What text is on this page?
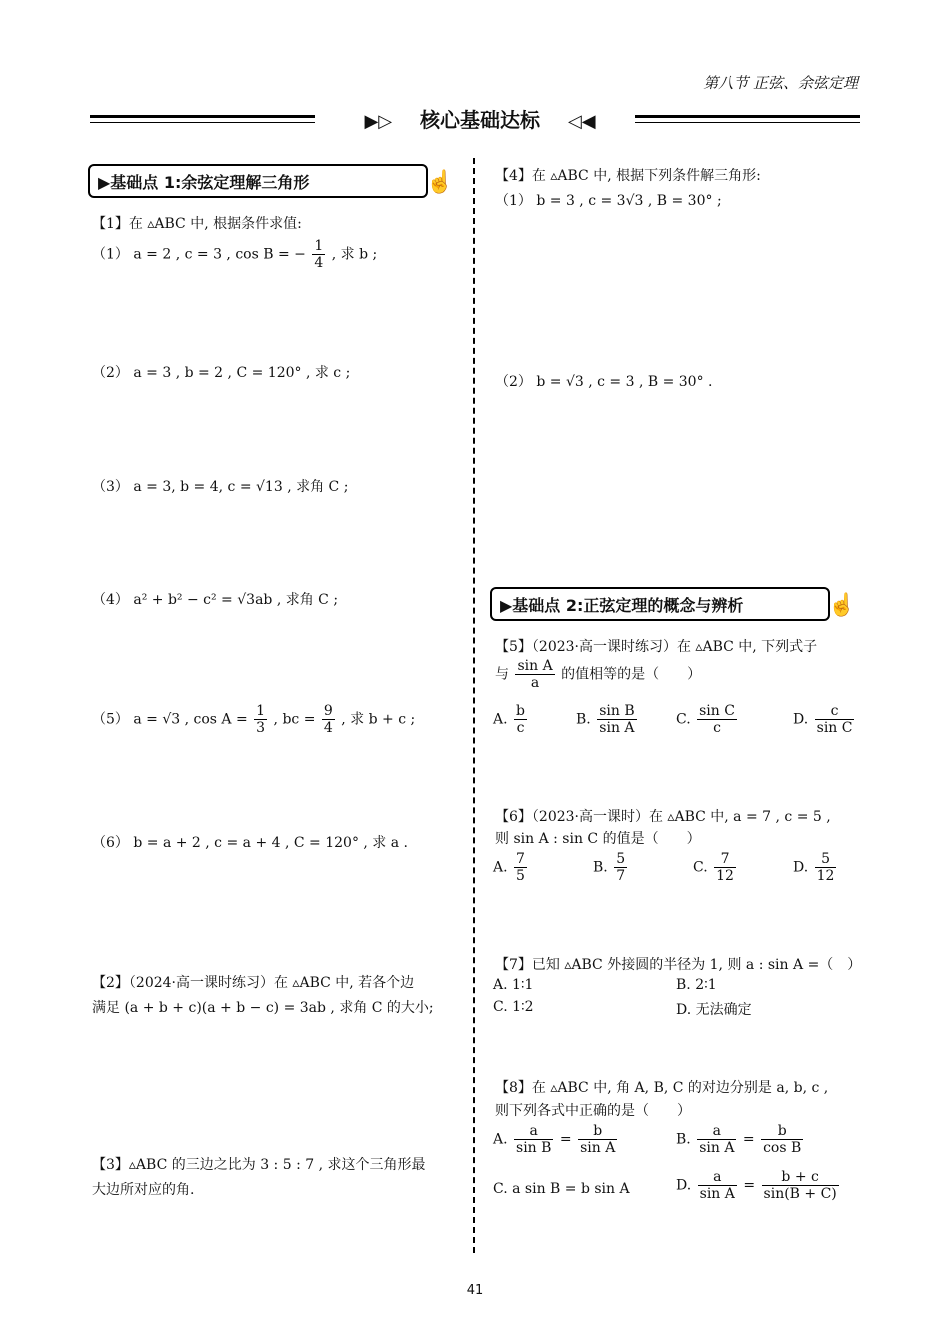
第八节 正弦、余弦定理
▶▷ 核心基础达标 ◁◀
▶基础点 1:余弦定理解三角形	☝
【1】在 ▵ABC 中, 根据条件求值:
（1） a = 2 , c = 3 , cos B = − $\frac{1}{4}$ , 求 b ;
（2） a = 3 , b = 2 , C = 120° , 求 c ;
（3） a = 3, b = 4, c = √13 , 求角 C ;
（4） a² + b² − c² = √3ab , 求角 C ;
（5） a = √3 , $\cos A = \frac{1}{3}$ , bc = $\frac{9}{4}$ , 求 b + c ;
（6） b = a + 2 , c = a + 4 , C = 120° , 求 a .
【2】（2024·高一课时练习）在 ▵ABC 中, 若各个边
满足 (a + b + c)(a + b − c) = 3ab , 求角 C 的大小;
【3】▵ABC 的三边之比为 3 : 5 : 7 , 求这个三角形最
大边所对应的角.
【4】在 ▵ABC 中, 根据下列条件解三角形:
（1） b = 3 , c = 3√3 , B = 30° ;
（2） b = √3 , c = 3 , B = 30° .
▶基础点 2:正弦定理的概念与辨析	☝
【5】（2023·高一课时练习）在 ▵ABC 中, 下列式子
与 $\frac{\text{sin A}}{a}$ 的值相等的是（　　）
A. $\frac{b}{c}$	B. $\frac{\text{sin B}}{\text{sin A}}$	C. $\frac{\text{sin C}}{c}$	D. $\frac{c}{\text{sin C}}$
【6】（2023·高一课时）在 ▵ABC 中, a = 7 , c = 5 ,
则 sin A : sin C 的值是（　　）
A. $\frac{7}{5}$	B. $\frac{5}{7}$	C. $\frac{7}{12}$	D. $\frac{5}{12}$
【7】已知 ▵ABC 外接圆的半径为 1, 则 a : sin A =（　）
A. 1∶1	B. 2∶1
C. 1∶2	D. 无法确定
【8】在 ▵ABC 中, 角 A, B, C 的对边分别是 a, b, c ,
则下列各式中正确的是（　　）
A. $\frac{a}{\text{sin B}} = \frac{b}{\text{sin A}}$	B. $\frac{a}{\text{sin A}} = \frac{b}{\text{cos B}}$
C. a sin B = b sin A	D. $\frac{a}{\text{sin A}} = \frac{b + c}{\sin(B + C)}$
41
